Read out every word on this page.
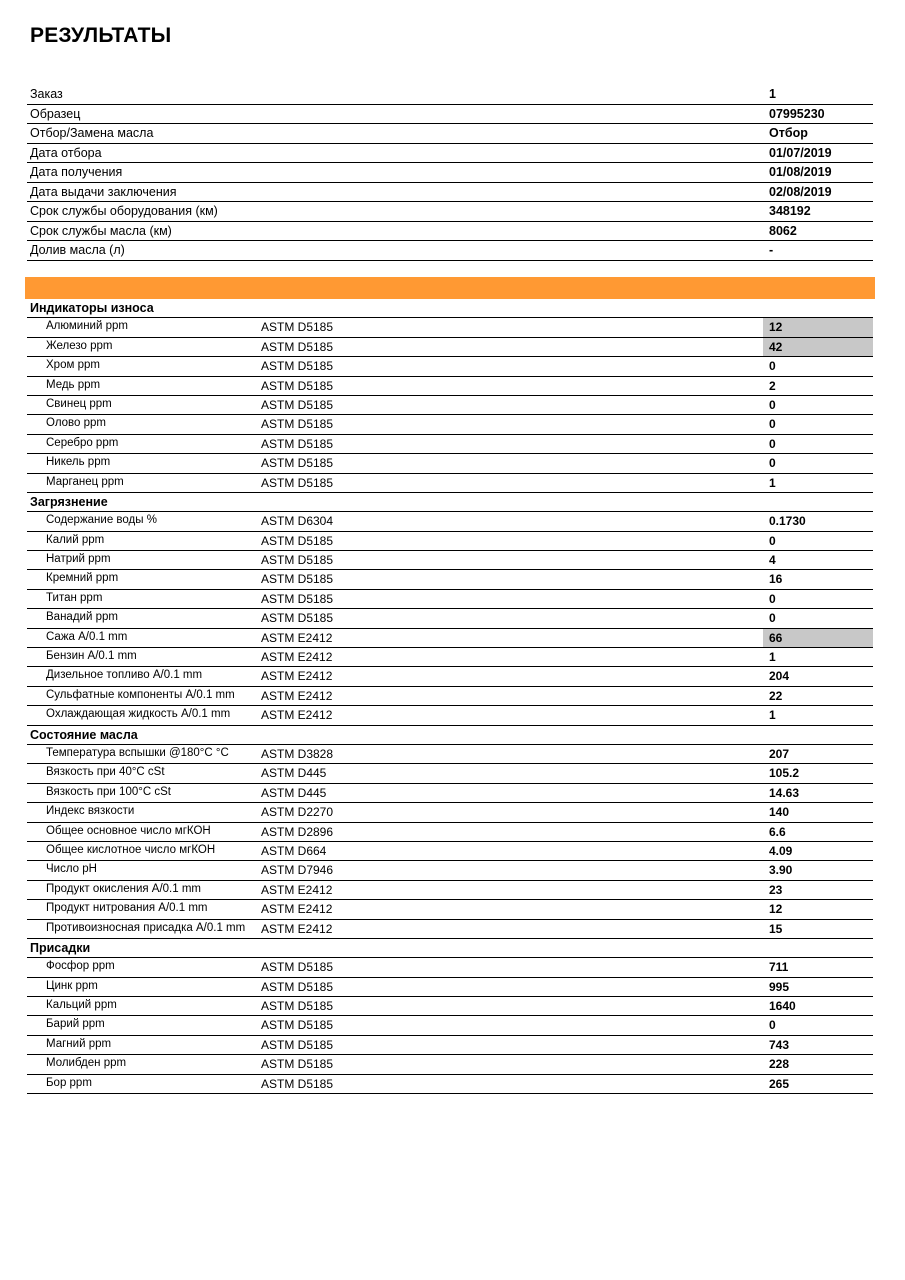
РЕЗУЛЬТАТЫ
Заказ	1
Образец	07995230
Отбор/Замена масла	Отбор
Дата отбора	01/07/2019
Дата получения	01/08/2019
Дата выдачи заключения	02/08/2019
Срок службы оборудования (км)	348192
Срок службы масла (км)	8062
Долив масла (л)	-
Индикаторы износа
Алюминий ppm	ASTM D5185	12
Железо ppm	ASTM D5185	42
Хром ppm	ASTM D5185	0
Медь ppm	ASTM D5185	2
Свинец ppm	ASTM D5185	0
Олово ppm	ASTM D5185	0
Серебро ppm	ASTM D5185	0
Никель ppm	ASTM D5185	0
Марганец ppm	ASTM D5185	1
Загрязнение
Содержание воды %	ASTM D6304	0.1730
Калий ppm	ASTM D5185	0
Натрий ppm	ASTM D5185	4
Кремний ppm	ASTM D5185	16
Титан ppm	ASTM D5185	0
Ванадий ppm	ASTM D5185	0
Сажа A/0.1 mm	ASTM E2412	66
Бензин A/0.1 mm	ASTM E2412	1
Дизельное топливо A/0.1 mm	ASTM E2412	204
Сульфатные компоненты A/0.1 mm ASTM E2412	22
Охлаждающая жидкость A/0.1 mm	ASTM E2412	1
Состояние масла
Температура вспышки @180°C °C	ASTM D3828	207
Вязкость при 40°C cSt	ASTM D445	105.2
Вязкость при 100°C cSt	ASTM D445	14.63
Индекс вязкости	ASTM D2270	140
Общее основное число мгКОН	ASTM D2896	6.6
Общее кислотное число мгКОН	ASTM D664	4.09
Число pH	ASTM D7946	3.90
Продукт окисления A/0.1 mm	ASTM E2412	23
Продукт нитрования A/0.1 mm	ASTM E2412	12
Противоизносная присадка A/0.1 mm ASTM E2412	15
Присадки
Фосфор ppm	ASTM D5185	711
Цинк ppm	ASTM D5185	995
Кальций ppm	ASTM D5185	1640
Барий ppm	ASTM D5185	0
Магний ppm	ASTM D5185	743
Молибден ppm	ASTM D5185	228
Бор ppm	ASTM D5185	265
